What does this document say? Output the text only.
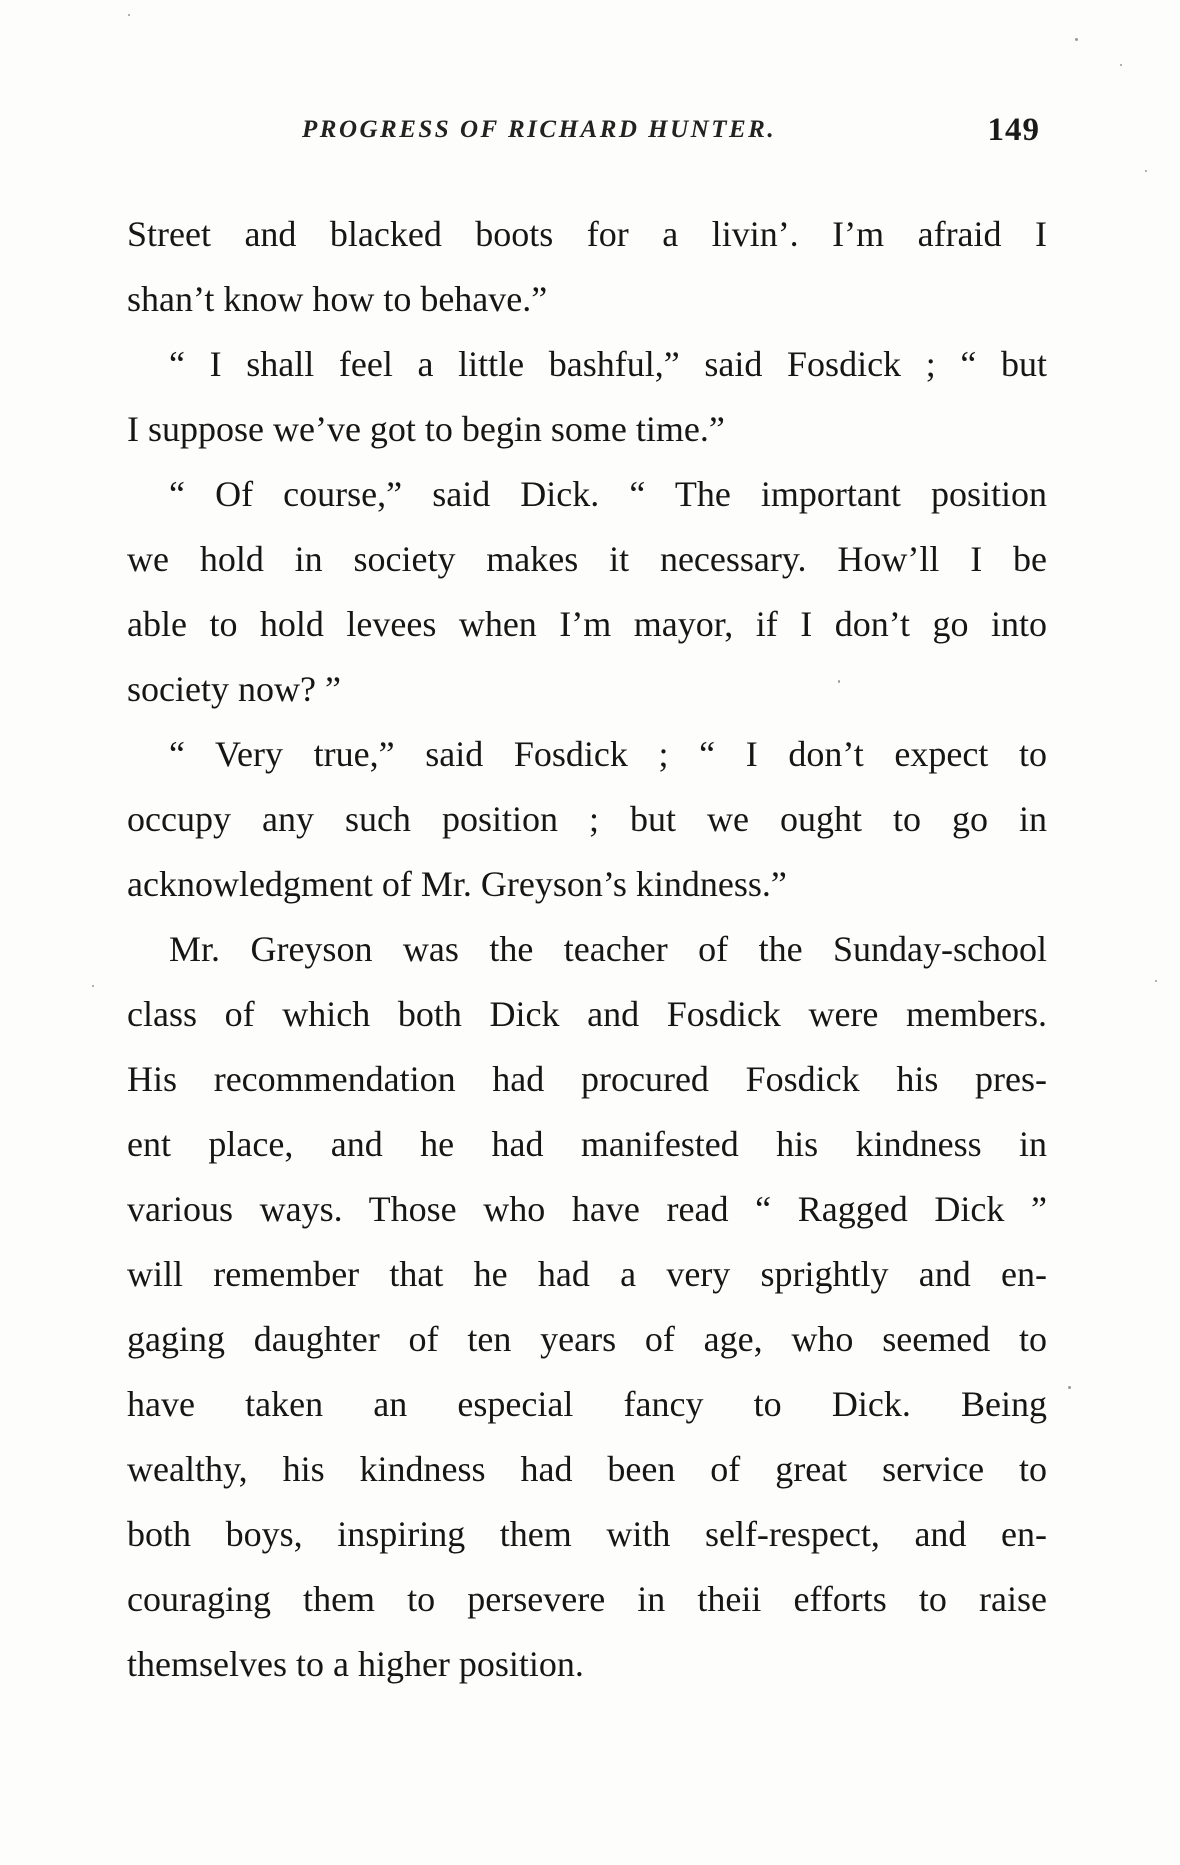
PROGRESS OF RICHARD HUNTER.	149
Street and blacked boots for a livin’. I’m afraid I
shan’t know how to behave.”
“ I shall feel a little bashful,” said Fosdick ; “ but
I suppose we’ve got to begin some time.”
“ Of course,” said Dick. “ The important position
we hold in society makes it necessary. How’ll I be
able to hold levees when I’m mayor, if I don’t go into
society now? ”
“ Very true,” said Fosdick ; “ I don’t expect to
occupy any such position ; but we ought to go in
acknowledgment of Mr. Greyson’s kindness.”
Mr. Greyson was the teacher of the Sunday-school
class of which both Dick and Fosdick were members.
His recommendation had procured Fosdick his pres-
ent place, and he had manifested his kindness in
various ways. Those who have read “ Ragged Dick ”
will remember that he had a very sprightly and en-
gaging daughter of ten years of age, who seemed to
have taken an especial fancy to Dick. Being
wealthy, his kindness had been of great service to
both boys, inspiring them with self-respect, and en-
couraging them to persevere in theii efforts to raise
themselves to a higher position.
